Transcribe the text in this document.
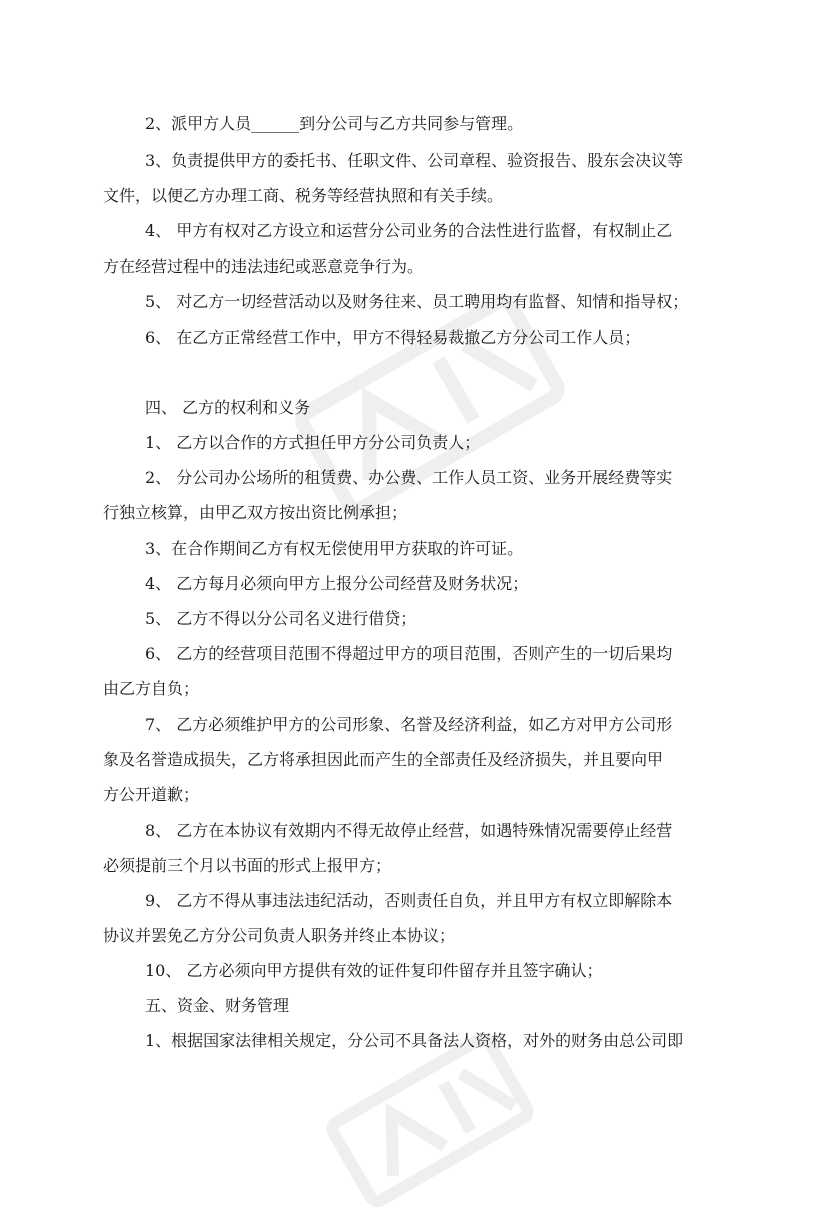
2、派甲方人员______到分公司与乙方共同参与管理。
3、负责提供甲方的委托书、任职文件、公司章程、验资报告、股东会决议等
文件，以便乙方办理工商、税务等经营执照和有关手续。
4、 甲方有权对乙方设立和运营分公司业务的合法性进行监督，有权制止乙
方在经营过程中的违法违纪或恶意竞争行为。
5、 对乙方一切经营活动以及财务往来、员工聘用均有监督、知情和指导权；
6、 在乙方正常经营工作中，甲方不得轻易裁撤乙方分公司工作人员；
四、 乙方的权利和义务
1、 乙方以合作的方式担任甲方分公司负责人；
2、 分公司办公场所的租赁费、办公费、工作人员工资、业务开展经费等实
行独立核算，由甲乙双方按出资比例承担；
3、在合作期间乙方有权无偿使用甲方获取的许可证。
4、 乙方每月必须向甲方上报分公司经营及财务状况；
5、 乙方不得以分公司名义进行借贷；
6、 乙方的经营项目范围不得超过甲方的项目范围，否则产生的一切后果均
由乙方自负；
7、 乙方必须维护甲方的公司形象、名誉及经济利益，如乙方对甲方公司形
象及名誉造成损失，乙方将承担因此而产生的全部责任及经济损失，并且要向甲
方公开道歉；
8、 乙方在本协议有效期内不得无故停止经营，如遇特殊情况需要停止经营
必须提前三个月以书面的形式上报甲方；
9、 乙方不得从事违法违纪活动，否则责任自负，并且甲方有权立即解除本
协议并罢免乙方分公司负责人职务并终止本协议；
10、 乙方必须向甲方提供有效的证件复印件留存并且签字确认；
五、资金、财务管理
1、根据国家法律相关规定，分公司不具备法人资格，对外的财务由总公司即
